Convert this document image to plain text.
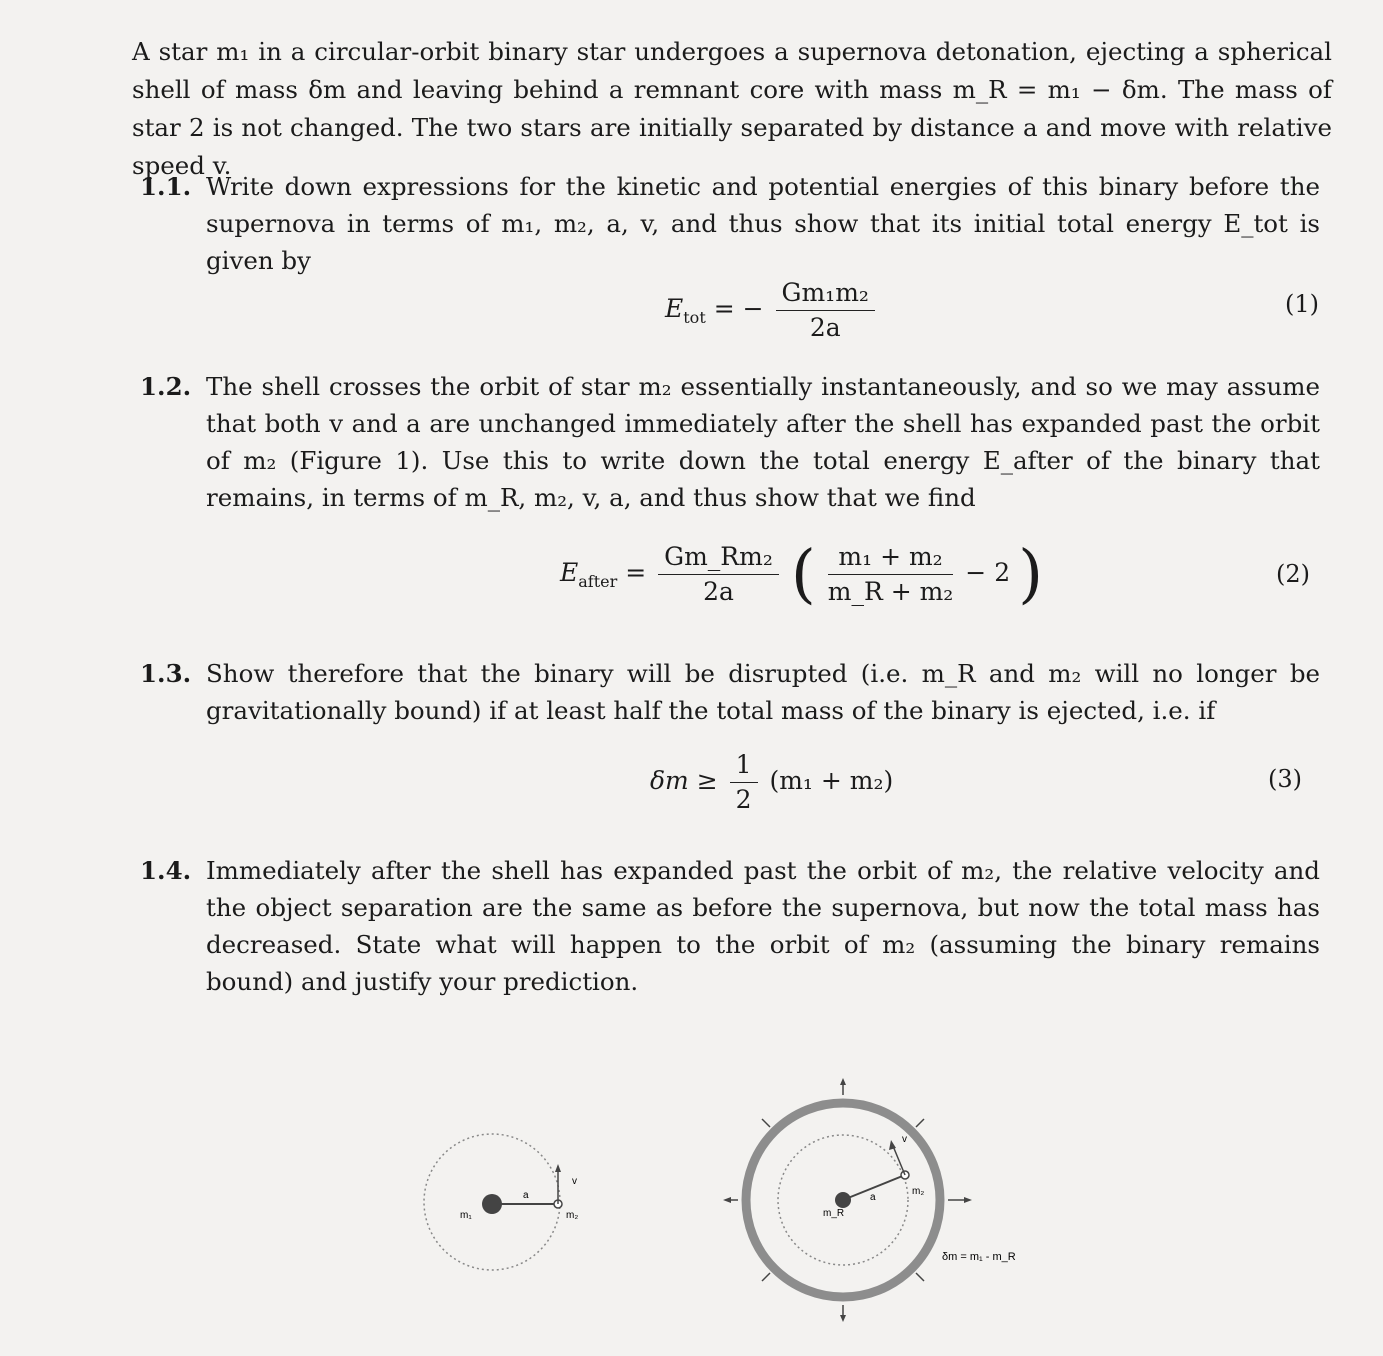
A star m₁ in a circular-orbit binary star undergoes a supernova detonation, ejecting a spherical shell of mass δm and leaving behind a remnant core with mass m_R = m₁ − δm. The mass of star 2 is not changed. The two stars are initially separated by distance a and move with relative speed v.

1.1. Write down expressions for the kinetic and potential energies of this binary before the supernova in terms of m₁, m₂, a, v, and thus show that its initial total energy E_tot is given by
$E_{tot}$ = − $\frac{\text{Gm₁m₂}}{2a}$	(1)
1.2. The shell crosses the orbit of star m₂ essentially instantaneously, and so we may assume that both v and a are unchanged immediately after the shell has expanded past the orbit of m₂ (Figure 1). Use this to write down the total energy E_after of the binary that remains, in terms of m_R, m₂, v, a, and thus show that we find
$E_{after} = \frac{\text{Gm\_Rm₂}}{2a}$ ( $\frac{\text{m₁ + m₂}}{\text{m\_R + m₂}} - 2$ )	(2)
1.3. Show therefore that the binary will be disrupted (i.e. m_R and m₂ will no longer be gravitationally bound) if at least half the total mass of the binary is ejected, i.e. if
$\delta m \ge \frac{1}{2} (m_1 + m_2)$	(3)
1.4. Immediately after the shell has expanded past the orbit of m₂, the relative velocity and the object separation are the same as before the supernova, but now the total mass has decreased. State what will happen to the orbit of m₂ (assuming the binary remains bound) and justify your prediction.
m₁
a
v
m₂	m_R
a
v
m₂
δm = m₁ - m_R
